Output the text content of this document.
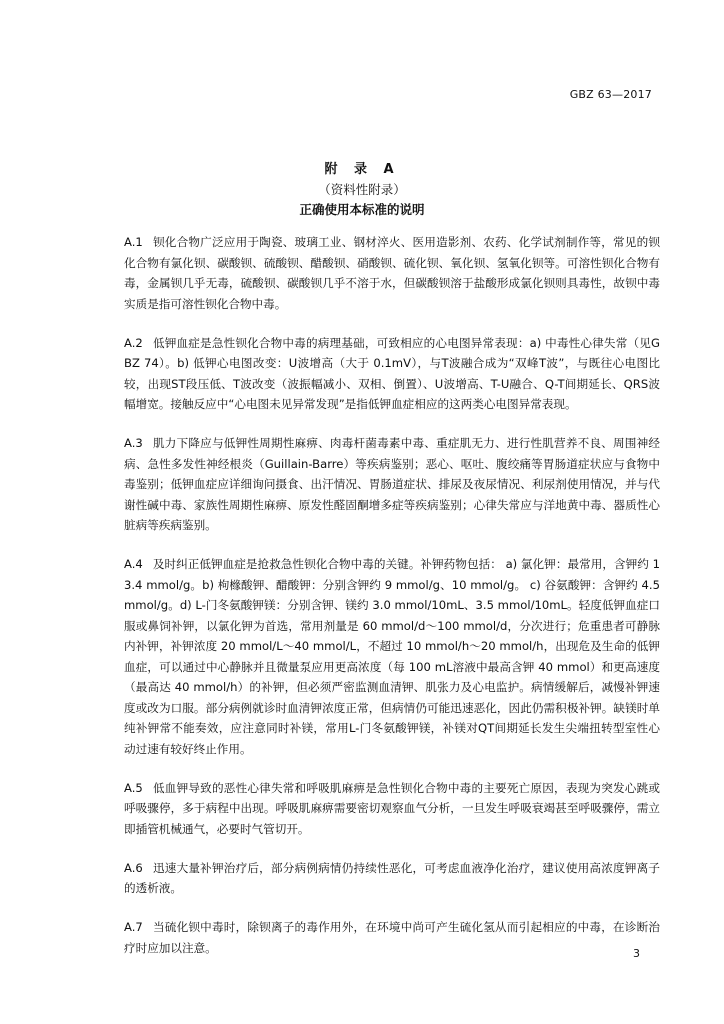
GBZ 63—2017
附 录 A
（资料性附录）
正确使用本标准的说明

A.1 钡化合物广泛应用于陶瓷、玻璃工业、钢材淬火、医用造影剂、农药、化学试剂制作等，常见的钡化合物有氯化钡、碳酸钡、硫酸钡、醋酸钡、硝酸钡、硫化钡、氧化钡、氢氧化钡等。可溶性钡化合物有毒，金属钡几乎无毒，硫酸钡、碳酸钡几乎不溶于水，但碳酸钡溶于盐酸形成氯化钡则具毒性，故钡中毒实质是指可溶性钡化合物中毒。

A.2 低钾血症是急性钡化合物中毒的病理基础，可致相应的心电图异常表现：a) 中毒性心律失常（见GBZ 74）。b) 低钾心电图改变：U波增高（大于 0.1mV），与T波融合成为“双峰T波”，与既往心电图比较，出现ST段压低、T波改变（波振幅减小、双相、倒置）、U波增高、T-U融合、Q-T间期延长、QRS波幅增宽。接触反应中“心电图未见异常发现”是指低钾血症相应的这两类心电图异常表现。

A.3 肌力下降应与低钾性周期性麻痹、肉毒杆菌毒素中毒、重症肌无力、进行性肌营养不良、周围神经病、急性多发性神经根炎（Guillain-Barre）等疾病鉴别；恶心、呕吐、腹绞痛等胃肠道症状应与食物中毒鉴别；低钾血症应详细询问摄食、出汗情况、胃肠道症状、排尿及夜尿情况、利尿剂使用情况，并与代谢性碱中毒、家族性周期性麻痹、原发性醛固酮增多症等疾病鉴别；心律失常应与洋地黄中毒、器质性心脏病等疾病鉴别。

A.4 及时纠正低钾血症是抢救急性钡化合物中毒的关键。补钾药物包括： a) 氯化钾：最常用，含钾约 13.4 mmol/g。b) 枸橼酸钾、醋酸钾：分别含钾约 9 mmol/g、10 mmol/g。 c) 谷氨酸钾：含钾约 4.5 mmol/g。d) L-门冬氨酸钾镁：分别含钾、镁约 3.0 mmol/10mL、3.5 mmol/10mL。轻度低钾血症口服或鼻饲补钾，以氯化钾为首选，常用剂量是 60 mmol/d～100 mmol/d，分次进行；危重患者可静脉内补钾，补钾浓度 20 mmol/L～40 mmol/L，不超过 10 mmol/h～20 mmol/h，出现危及生命的低钾血症，可以通过中心静脉并且微量泵应用更高浓度（每 100 mL溶液中最高含钾 40 mmol）和更高速度（最高达 40 mmol/h）的补钾，但必须严密监测血清钾、肌张力及心电监护。病情缓解后，减慢补钾速度或改为口服。部分病例就诊时血清钾浓度正常，但病情仍可能迅速恶化，因此仍需积极补钾。缺镁时单纯补钾常不能奏效，应注意同时补镁，常用L-门冬氨酸钾镁，补镁对QT间期延长发生尖端扭转型室性心动过速有较好终止作用。

A.5 低血钾导致的恶性心律失常和呼吸肌麻痹是急性钡化合物中毒的主要死亡原因，表现为突发心跳或呼吸骤停，多于病程中出现。呼吸肌麻痹需要密切观察血气分析，一旦发生呼吸衰竭甚至呼吸骤停，需立即插管机械通气，必要时气管切开。

A.6 迅速大量补钾治疗后，部分病例病情仍持续性恶化，可考虑血液净化治疗，建议使用高浓度钾离子的透析液。

A.7 当硫化钡中毒时，除钡离子的毒作用外，在环境中尚可产生硫化氢从而引起相应的中毒，在诊断治疗时应加以注意。	3
